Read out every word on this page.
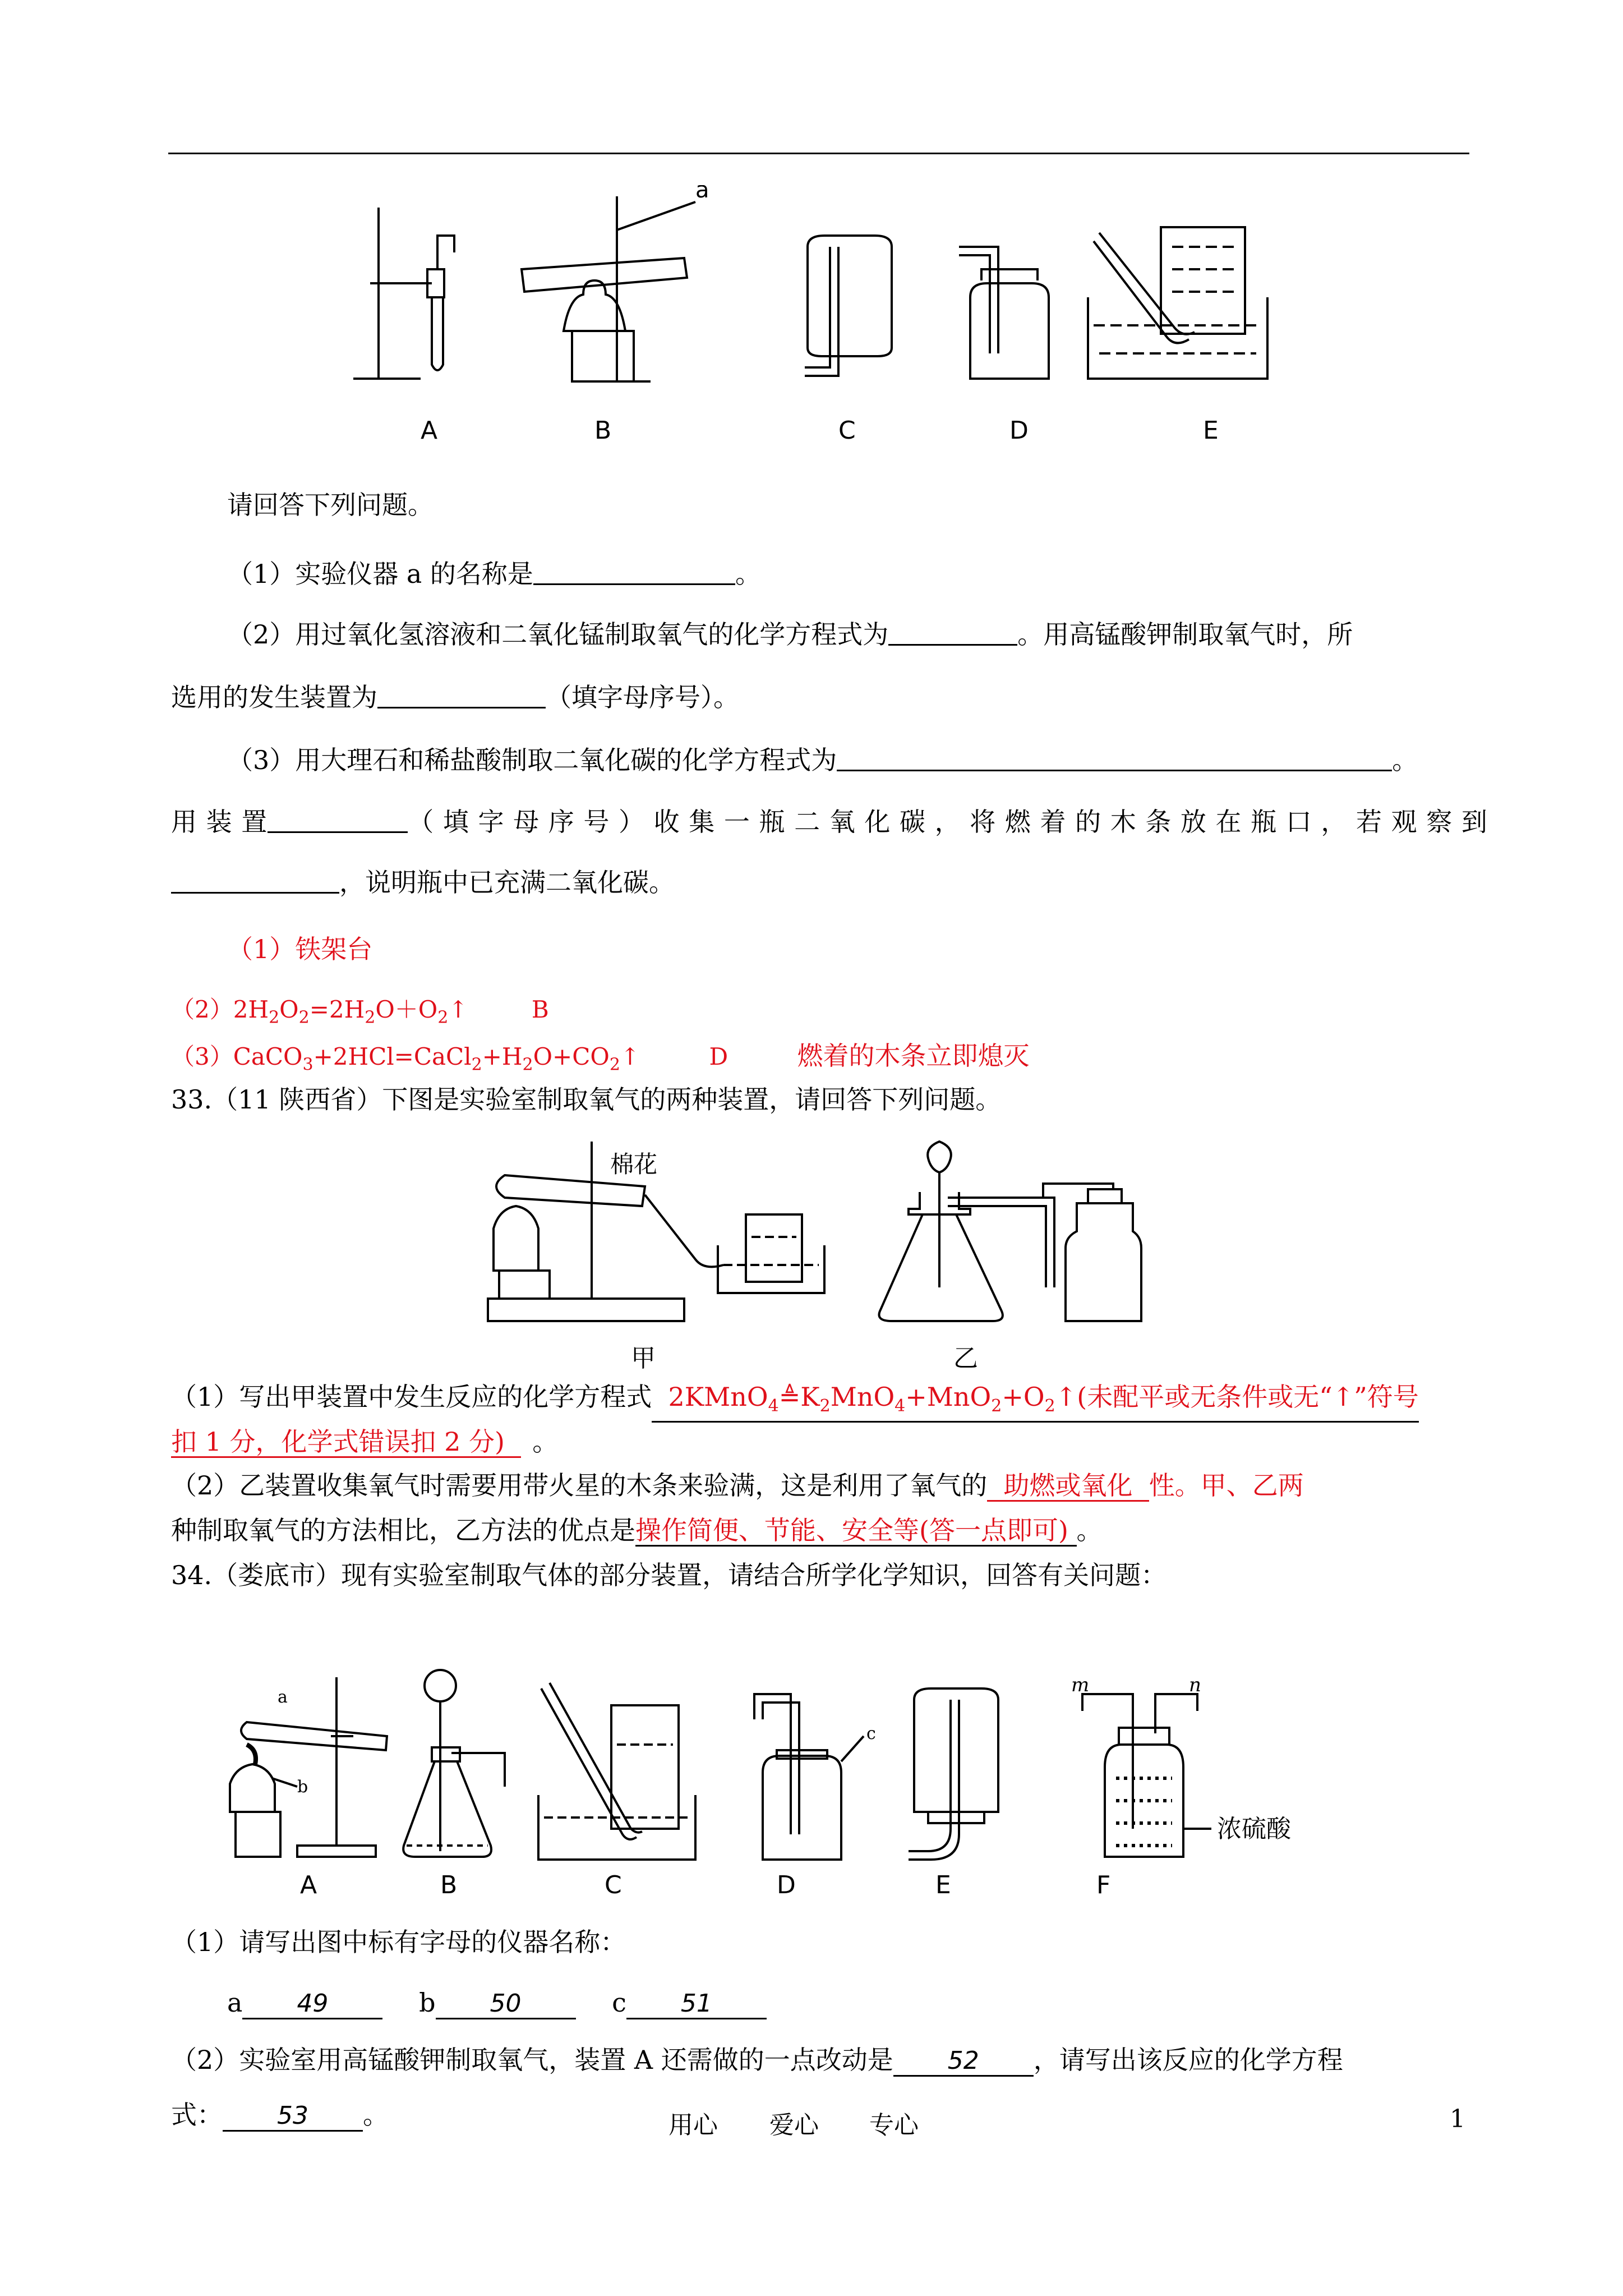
a
A	B	C	D	E
请回答下列问题。
（1）实验仪器 a 的名称是	。
（2）用过氧化氢溶液和二氧化锰制取氧气的化学方程式为	。用高锰酸钾制取氧气时，所
选用的发生装置为	（填字母序号）。
（3）用大理石和稀盐酸制取二氧化碳的化学方程式为	。
用 装 置	（ 填 字 母 序 号 ） 收 集 一 瓶 二 氧 化 碳 ， 将 燃 着 的 木 条 放 在 瓶 口 ， 若 观 察 到
，说明瓶中已充满二氧化碳。
（1）铁架台
$(2)2H_2O_2=2H_2O+O_2↑$ B
$(3)CaCO_3+2HCl=CaCl_2+H_2O+CO_2↑$	D	燃着的木条立即熄灭
33.（11 陕西省）下图是实验室制取氧气的两种装置，请回答下列问题。
棉花
甲	乙
（1）写出甲装置中发生反应的化学方程式  $2KMnO_4≜K_2MnO_4+MnO_2+O_2↑$(未配平或无条件或无“↑”符号
扣 1 分，化学式错误扣 2 分) 。
（2）乙装置收集氧气时需要用带火星的木条来验满，这是利用了氧气的 助燃或氧化 性。甲、乙两
种制取氧气的方法相比，乙方法的优点是操作简便、节能、安全等(答一点即可) 。
34.（娄底市）现有实验室制取气体的部分装置，请结合所学化学知识，回答有关问题：
a
b
c
m	n
浓硫酸
A	B	C	D	E	F
（1）请写出图中标有字母的仪器名称：
a 49	b 50	c 51
（2）实验室用高锰酸钾制取氧气，装置 A 还需做的一点改动是 52 ，请写出该反应的化学方程
式： 53 。	用心 爱心 专心	1
